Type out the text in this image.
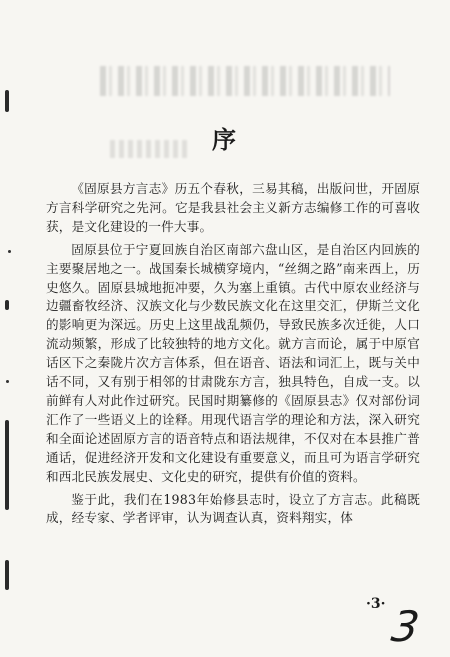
序

《固原县方言志》历五个春秋，三易其稿，出版问世，开固原方言科学研究之先河。它是我县社会主义新方志编修工作的可喜收获，是文化建设的一件大事。

固原县位于宁夏回族自治区南部六盘山区，是自治区内回族的主要聚居地之一。战国秦长城横穿境内，“丝绸之路”南来西上，历史悠久。固原县城地扼冲要，久为塞上重镇。古代中原农业经济与边疆畜牧经济、汉族文化与少数民族文化在这里交汇，伊斯兰文化的影响更为深远。历史上这里战乱频仍，导致民族多次迁徙，人口流动频繁，形成了比较独特的地方文化。就方言而论，属于中原官话区下之秦陇片次方言体系，但在语音、语法和词汇上，既与关中话不同，又有别于相邻的甘肃陇东方言，独具特色，自成一支。以前鲜有人对此作过研究。民国时期纂修的《固原县志》仅对部份词汇作了一些语义上的诠释。用现代语言学的理论和方法，深入研究和全面论述固原方言的语音特点和语法规律，不仅对在本县推广普通话，促进经济开发和文化建设有重要意义，而且可为语言学研究和西北民族发展史、文化史的研究，提供有价值的资料。

鉴于此，我们在1983年始修县志时，设立了方言志。此稿既成，经专家、学者评审，认为调查认真，资料翔实，体

·3· 3
